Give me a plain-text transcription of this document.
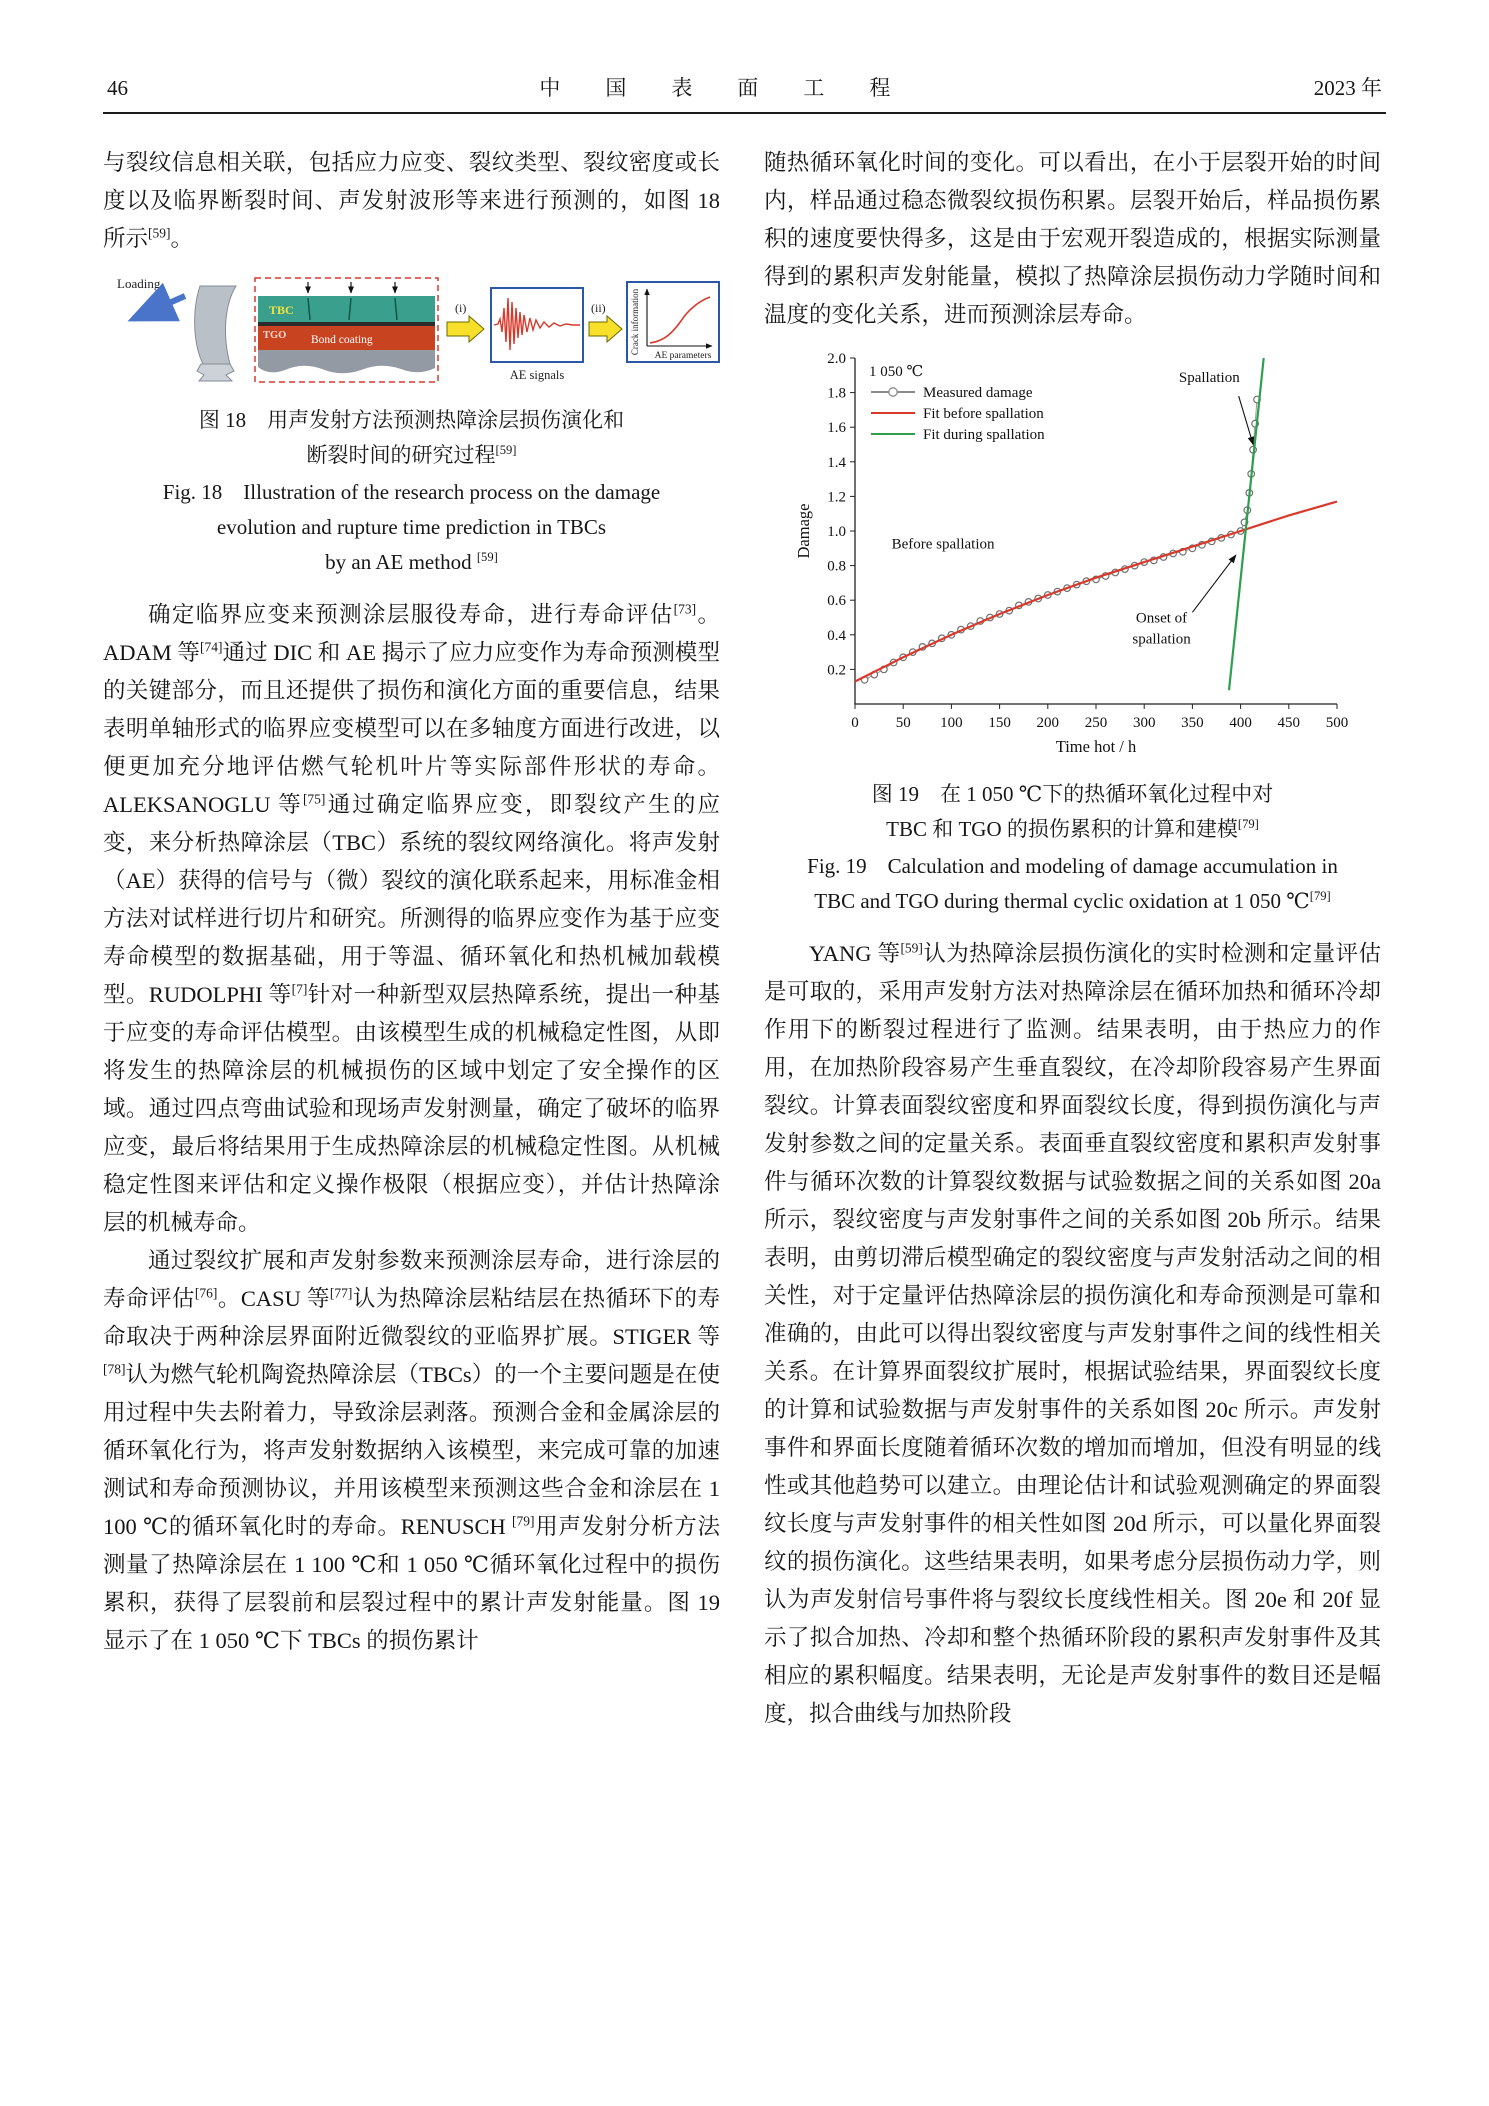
46	中　国　表　面　工　程	2023 年

与裂纹信息相关联，包括应力应变、裂纹类型、裂纹密度或长度以及临界断裂时间、声发射波形等来进行预测的，如图 18 所示[59]。

Loading
TBC
TGO Bond coating
(i)
AE signals
(ii)	Crack information
AE parameters
图 18　用声发射方法预测热障涂层损伤演化和
断裂时间的研究过程[59]
Fig. 18　Illustration of the research process on the damage
evolution and rupture time prediction in TBCs
by an AE method [59]

确定临界应变来预测涂层服役寿命，进行寿命评估[73]。ADAM 等[74]通过 DIC 和 AE 揭示了应力应变作为寿命预测模型的关键部分，而且还提供了损伤和演化方面的重要信息，结果表明单轴形式的临界应变模型可以在多轴度方面进行改进，以便更加充分地评估燃气轮机叶片等实际部件形状的寿命。ALEKSANOGLU 等[75]通过确定临界应变，即裂纹产生的应变，来分析热障涂层（TBC）系统的裂纹网络演化。将声发射（AE）获得的信号与（微）裂纹的演化联系起来，用标准金相方法对试样进行切片和研究。所测得的临界应变作为基于应变寿命模型的数据基础，用于等温、循环氧化和热机械加载模型。RUDOLPHI 等[7]针对一种新型双层热障系统，提出一种基于应变的寿命评估模型。由该模型生成的机械稳定性图，从即将发生的热障涂层的机械损伤的区域中划定了安全操作的区域。通过四点弯曲试验和现场声发射测量，确定了破坏的临界应变，最后将结果用于生成热障涂层的机械稳定性图。从机械稳定性图来评估和定义操作极限（根据应变），并估计热障涂层的机械寿命。

通过裂纹扩展和声发射参数来预测涂层寿命，进行涂层的寿命评估[76]。CASU 等[77]认为热障涂层粘结层在热循环下的寿命取决于两种涂层界面附近微裂纹的亚临界扩展。STIGER 等[78]认为燃气轮机陶瓷热障涂层（TBCs）的一个主要问题是在使用过程中失去附着力，导致涂层剥落。预测合金和金属涂层的循环氧化行为，将声发射数据纳入该模型，来完成可靠的加速测试和寿命预测协议，并用该模型来预测这些合金和涂层在 1 100 ℃的循环氧化时的寿命。RENUSCH [79]用声发射分析方法测量了热障涂层在 1 100 ℃和 1 050 ℃循环氧化过程中的损伤累积，获得了层裂前和层裂过程中的累计声发射能量。图 19 显示了在 1 050 ℃下 TBCs 的损伤累计

随热循环氧化时间的变化。可以看出，在小于层裂开始的时间内，样品通过稳态微裂纹损伤积累。层裂开始后，样品损伤累积的速度要快得多，这是由于宏观开裂造成的，根据实际测量得到的累积声发射能量，模拟了热障涂层损伤动力学随时间和温度的变化关系，进而预测涂层寿命。

0 50 100 150 200 250 300 350 400 450 500
0.2
0.4
0.6
0.8
1.0
1.2
1.4
1.6
1.8
2.0
Time hot / h
Damage
1 050 ℃
Measured damage
Fit before spallation
Fit during spallation
Spallation
Before spallation
Onset of
spallation
图 19　在 1 050 ℃下的热循环氧化过程中对
TBC 和 TGO 的损伤累积的计算和建模[79]
Fig. 19　Calculation and modeling of damage accumulation in
TBC and TGO during thermal cyclic oxidation at 1 050 ℃[79]

YANG 等[59]认为热障涂层损伤演化的实时检测和定量评估是可取的，采用声发射方法对热障涂层在循环加热和循环冷却作用下的断裂过程进行了监测。结果表明，由于热应力的作用，在加热阶段容易产生垂直裂纹，在冷却阶段容易产生界面裂纹。计算表面裂纹密度和界面裂纹长度，得到损伤演化与声发射参数之间的定量关系。表面垂直裂纹密度和累积声发射事件与循环次数的计算裂纹数据与试验数据之间的关系如图 20a 所示，裂纹密度与声发射事件之间的关系如图 20b 所示。结果表明，由剪切滞后模型确定的裂纹密度与声发射活动之间的相关性，对于定量评估热障涂层的损伤演化和寿命预测是可靠和准确的，由此可以得出裂纹密度与声发射事件之间的线性相关关系。在计算界面裂纹扩展时，根据试验结果，界面裂纹长度的计算和试验数据与声发射事件的关系如图 20c 所示。声发射事件和界面长度随着循环次数的增加而增加，但没有明显的线性或其他趋势可以建立。由理论估计和试验观测确定的界面裂纹长度与声发射事件的相关性如图 20d 所示，可以量化界面裂纹的损伤演化。这些结果表明，如果考虑分层损伤动力学，则认为声发射信号事件将与裂纹长度线性相关。图 20e 和 20f 显示了拟合加热、冷却和整个热循环阶段的累积声发射事件及其相应的累积幅度。结果表明，无论是声发射事件的数目还是幅度，拟合曲线与加热阶段
